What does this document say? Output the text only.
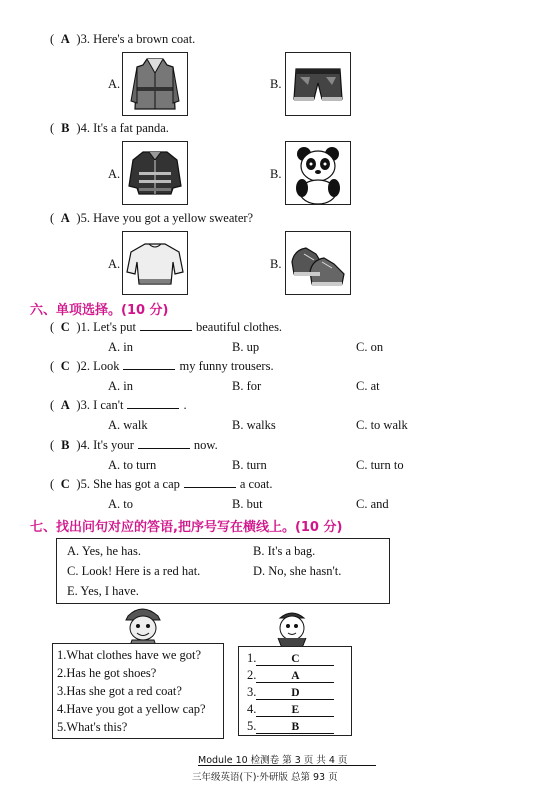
( A )3. Here's a brown coat.
A.	B.
( B )4. It's a fat panda.
A.	B.
( A )5. Have you got a yellow sweater?
A.	B.
六、单项选择。(10 分)
( C )1. Let's put	beautiful clothes.
A. in	B. up	C. on
( C )2. Look	my funny trousers.
A. in	B. for	C. at
( A )3. I can't	.
A. walk	B. walks	C. to walk
( B )4. It's your	now.
A. to turn	B. turn	C. turn to
( C )5. She has got a cap	a coat.
A. to	B. but	C. and
七、找出问句对应的答语,把序号写在横线上。(10 分)
A. Yes, he has.	B. It's a bag.
C. Look! Here is a red hat.	D. No, she hasn't.
E. Yes, I have.
1.What clothes have we got?
2.Has he got shoes?
3.Has she got a red coat?
4.Have you got a yellow cap?
5.What's this?
1.	C
2.	A
3.	D
4.	E
5.	B
Module 10 检测卷 第 3 页 共 4 页
三年级英语(下)·外研版 总第 93 页
